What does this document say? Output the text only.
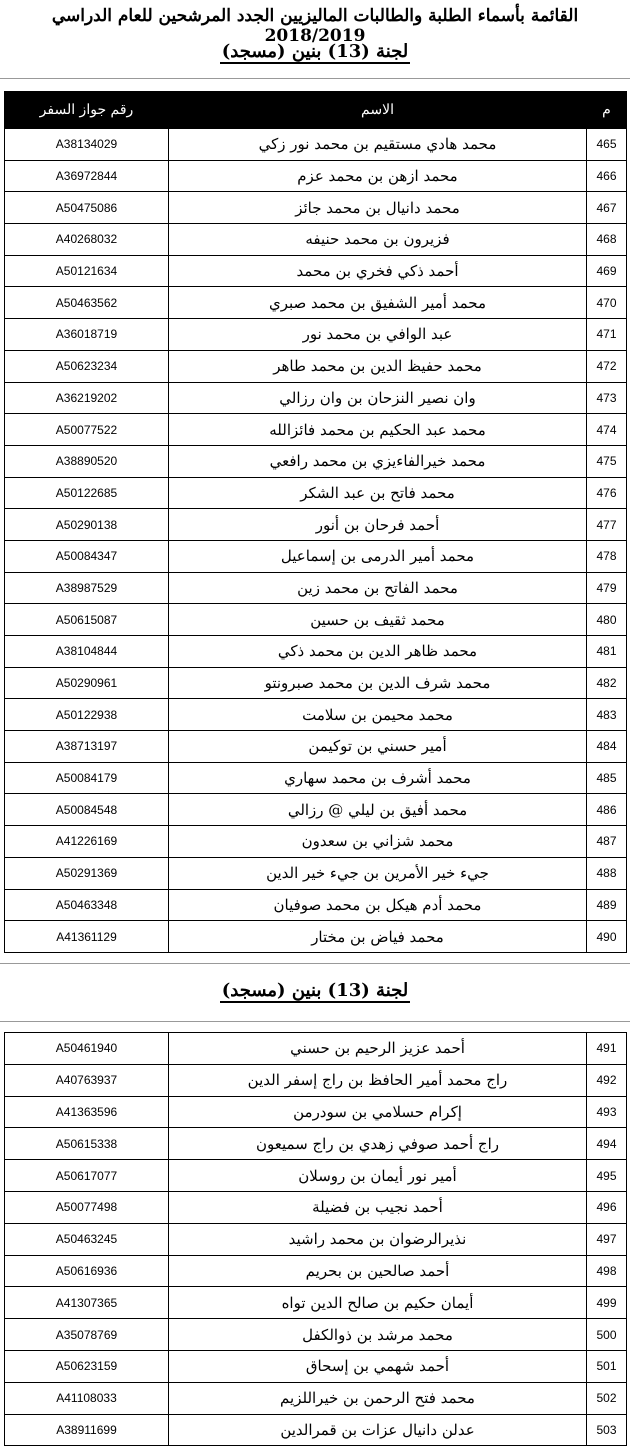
القائمة بأسماء الطلبة والطالبات الماليزيين الجدد المرشحين للعام الدراسي 2018/2019
لجنة (13) بنين (مسجد)
م	الاسم	رقم جواز السفر
465	محمد هادي مستقيم بن محمد نور زكي	A38134029
466	محمد ازهن بن محمد عزم	A36972844
467	محمد دانيال بن محمد جائز	A50475086
468	فزيرون بن محمد حنيفه	A40268032
469	أحمد ذكي فخري بن محمد	A50121634
470	محمد أمير الشفيق بن محمد صبري	A50463562
471	عبد الوافي بن محمد نور	A36018719
472	محمد حفيظ الدين بن محمد طاهر	A50623234
473	وان نصير النزحان بن وان رزالي	A36219202
474	محمد عبد الحكيم بن محمد فائزالله	A50077522
475	محمد خيرالفاءيزي بن محمد رافعي	A38890520
476	محمد فاتح بن عبد الشكر	A50122685
477	أحمد فرحان بن أنور	A50290138
478	محمد أمير الدرمى بن إسماعيل	A50084347
479	محمد الفاتح بن محمد زين	A38987529
480	محمد ثقيف بن حسين	A50615087
481	محمد ظاهر الدين بن محمد ذكي	A38104844
482	محمد شرف الدين بن محمد صبرونتو	A50290961
483	محمد محيمن بن سلامت	A50122938
484	أمير حسني بن توكيمن	A38713197
485	محمد أشرف بن محمد سهاري	A50084179
486	محمد أفيق بن ليلي @ رزالي	A50084548
487	محمد شزاني بن سعدون	A41226169
488	جيء خير الأمرين بن جيء خير الدين	A50291369
489	محمد أدم هيكل بن محمد صوفيان	A50463348
490	محمد فياض بن مختار	A41361129
لجنة (13) بنين (مسجد)
491	أحمد عزيز الرحيم بن حسني	A50461940
492	راج محمد أمير الحافظ بن راج إسفر الدين	A40763937
493	إكرام حسلامي بن سودرمن	A41363596
494	راج أحمد صوفي زهدي بن راج سميعون	A50615338
495	أمير نور أيمان بن روسلان	A50617077
496	أحمد نجيب بن فضيلة	A50077498
497	نذيرالرضوان بن محمد راشيد	A50463245
498	أحمد صالحين بن بحريم	A50616936
499	أيمان حكيم بن صالح الدين تواه	A41307365
500	محمد مرشد بن ذوالكفل	A35078769
501	أحمد شهمي بن إسحاق	A50623159
502	محمد فتح الرحمن بن خيراللزيم	A41108033
503	عدلن دانيال عزات بن قمرالدين	A38911699
